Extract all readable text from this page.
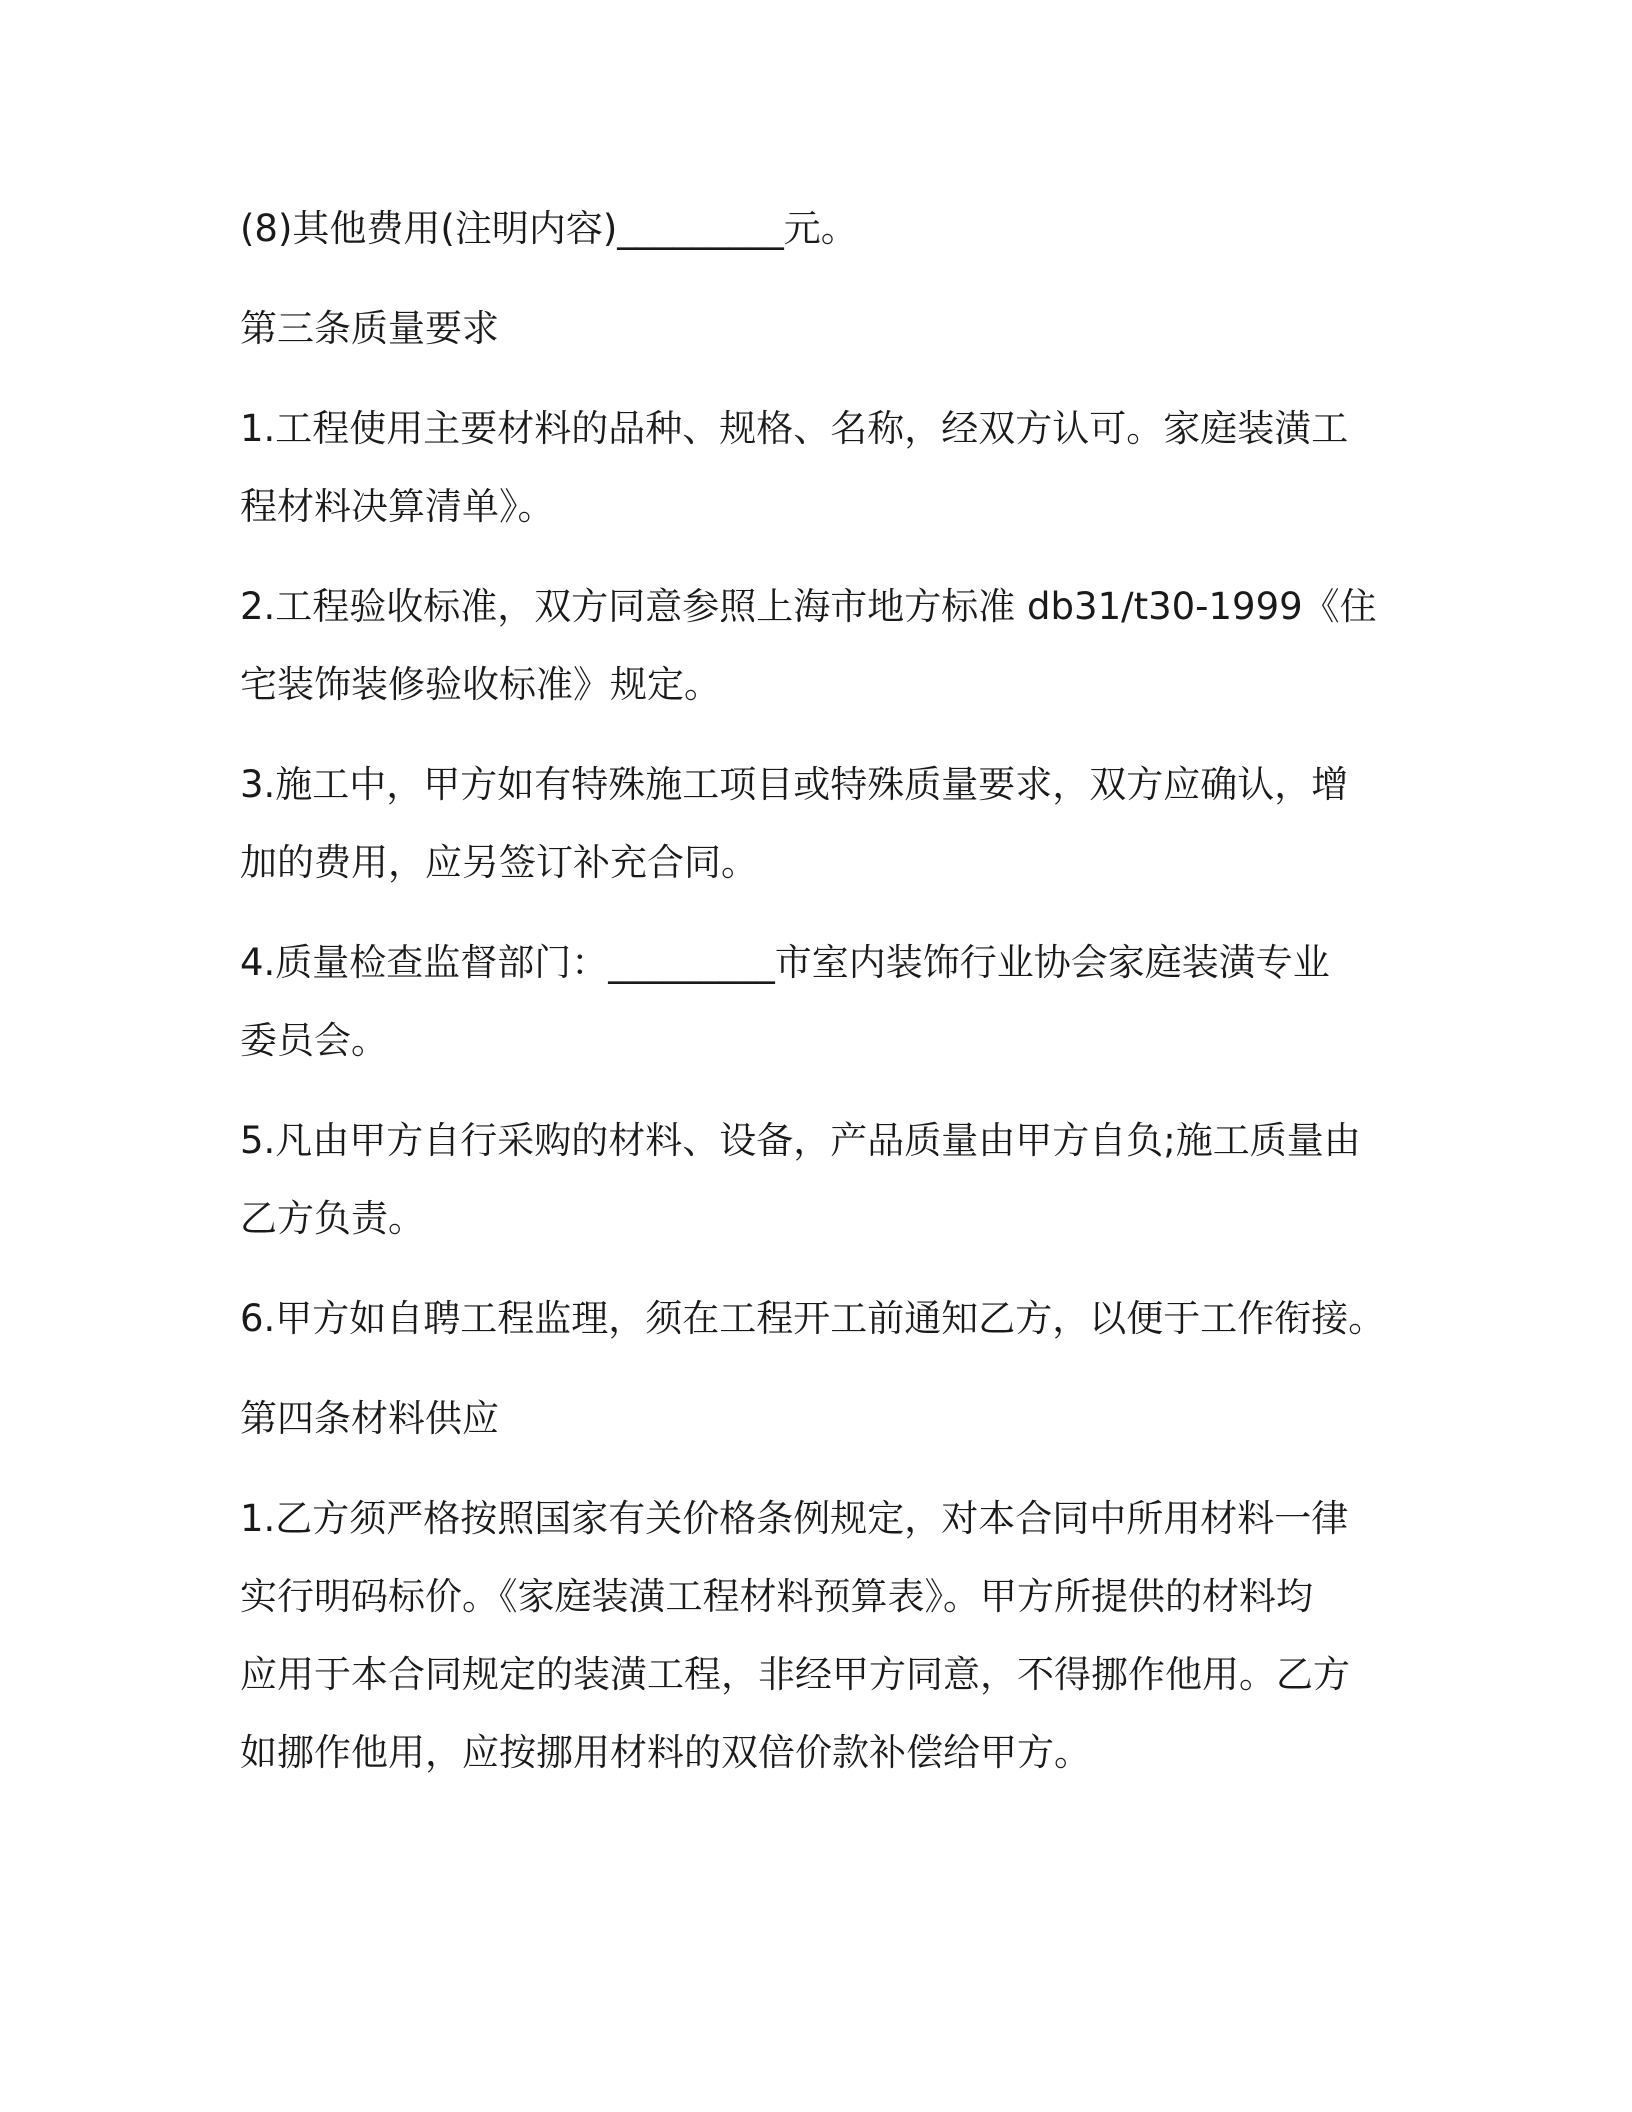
(8)其他费用(注明内容)_________元。

第三条质量要求

1.工程使用主要材料的品种、规格、名称，经双方认可。家庭装潢工

程材料决算清单》。

2.工程验收标准，双方同意参照上海市地方标准 db31/t30-1999《住

宅装饰装修验收标准》规定。

3.施工中，甲方如有特殊施工项目或特殊质量要求，双方应确认，增

加的费用，应另签订补充合同。

4.质量检查监督部门：_________市室内装饰行业协会家庭装潢专业

委员会。

5.凡由甲方自行采购的材料、设备，产品质量由甲方自负;施工质量由

乙方负责。

6.甲方如自聘工程监理，须在工程开工前通知乙方，以便于工作衔接。

第四条材料供应

1.乙方须严格按照国家有关价格条例规定，对本合同中所用材料一律

实行明码标价。《家庭装潢工程材料预算表》。甲方所提供的材料均

应用于本合同规定的装潢工程，非经甲方同意，不得挪作他用。乙方

如挪作他用，应按挪用材料的双倍价款补偿给甲方。
